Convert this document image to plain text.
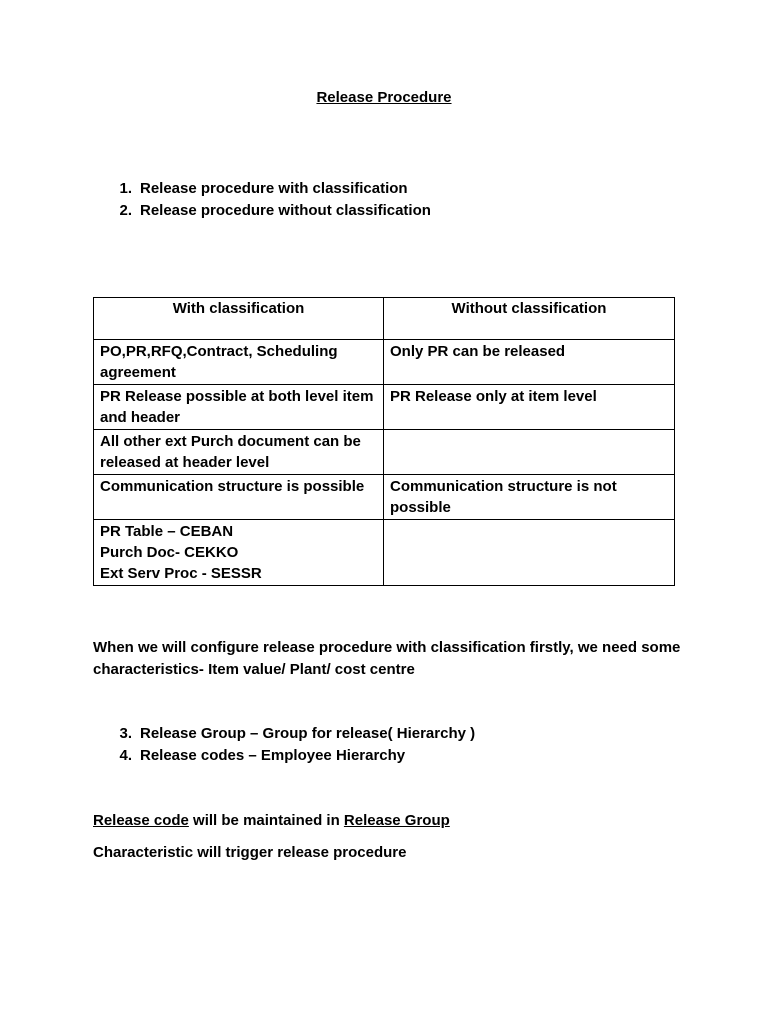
Release Procedure
1. Release procedure with classification
2. Release procedure without classification
With classification	Without classification
PO,PR,RFQ,Contract, Scheduling agreement	Only PR can be released
PR Release possible at both level item and header	PR Release only at item level
All other ext Purch document can be released at header level	
Communication structure is possible	Communication structure is not possible

PR Table – CEBAN
Purch Doc- CEKKO
Ext Serv Proc - SESSR	

When we will configure release procedure with classification firstly, we need some characteristics- Item value/ Plant/ cost centre
3. Release Group – Group for release( Hierarchy )
4. Release codes – Employee Hierarchy
Release code will be maintained in Release Group
Characteristic will trigger release procedure
